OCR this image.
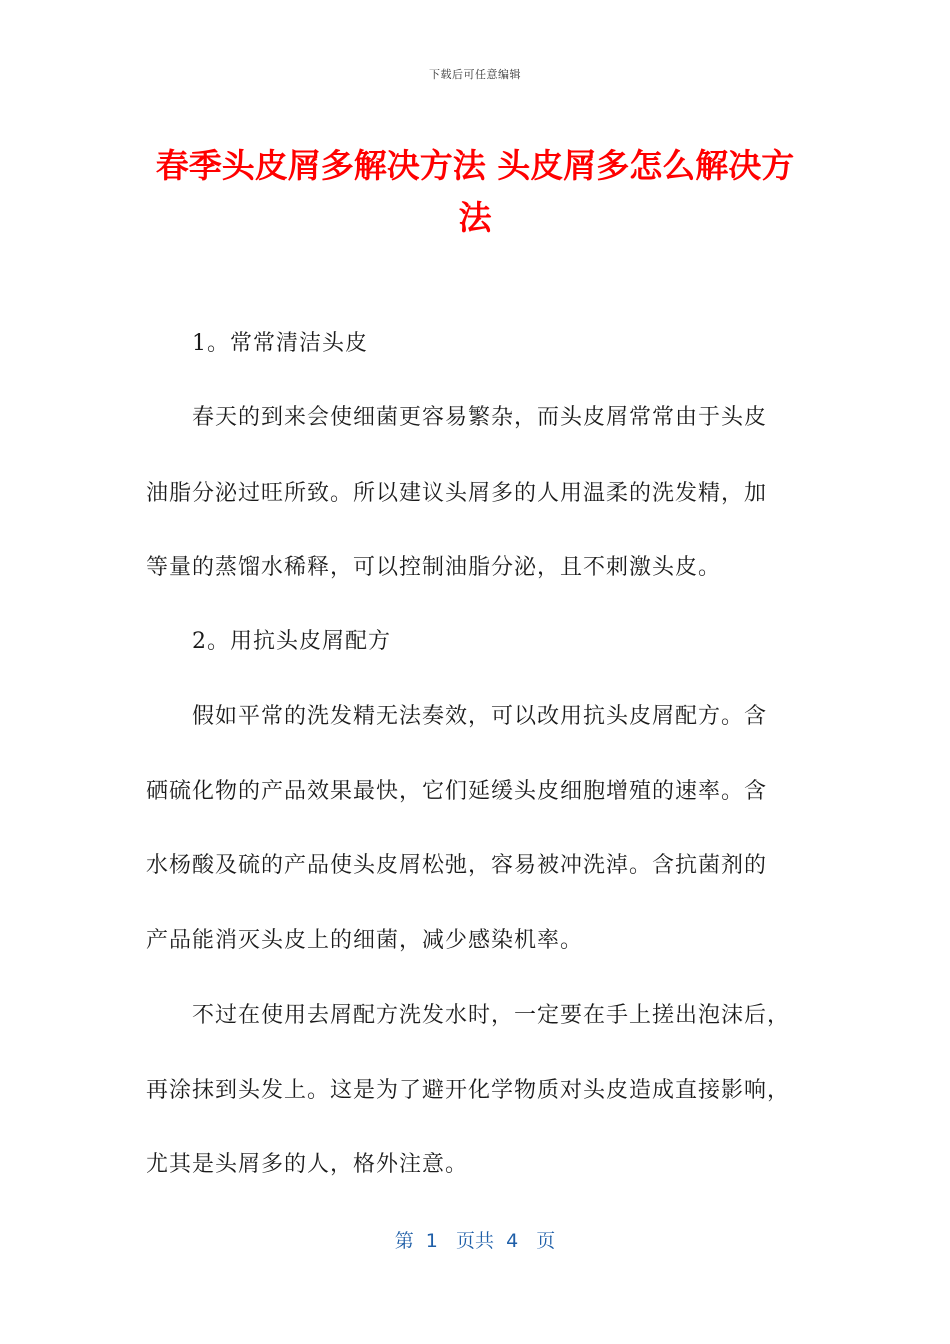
下载后可任意编辑
春季头皮屑多解决方法 头皮屑多怎么解决方法
1。常常清洁头皮
春天的到来会使细菌更容易繁杂，而头皮屑常常由于头皮
油脂分泌过旺所致。所以建议头屑多的人用温柔的洗发精，加
等量的蒸馏水稀释，可以控制油脂分泌，且不刺激头皮。
2。用抗头皮屑配方
假如平常的洗发精无法奏效，可以改用抗头皮屑配方。含
硒硫化物的产品效果最快，它们延缓头皮细胞增殖的速率。含
水杨酸及硫的产品使头皮屑松弛，容易被冲洗淖。含抗菌剂的
产品能消灭头皮上的细菌，减少感染机率。
不过在使用去屑配方洗发水时，一定要在手上搓出泡沫后，
再涂抹到头发上。这是为了避开化学物质对头皮造成直接影响，
尤其是头屑多的人，格外注意。
第  1   页共  4   页
